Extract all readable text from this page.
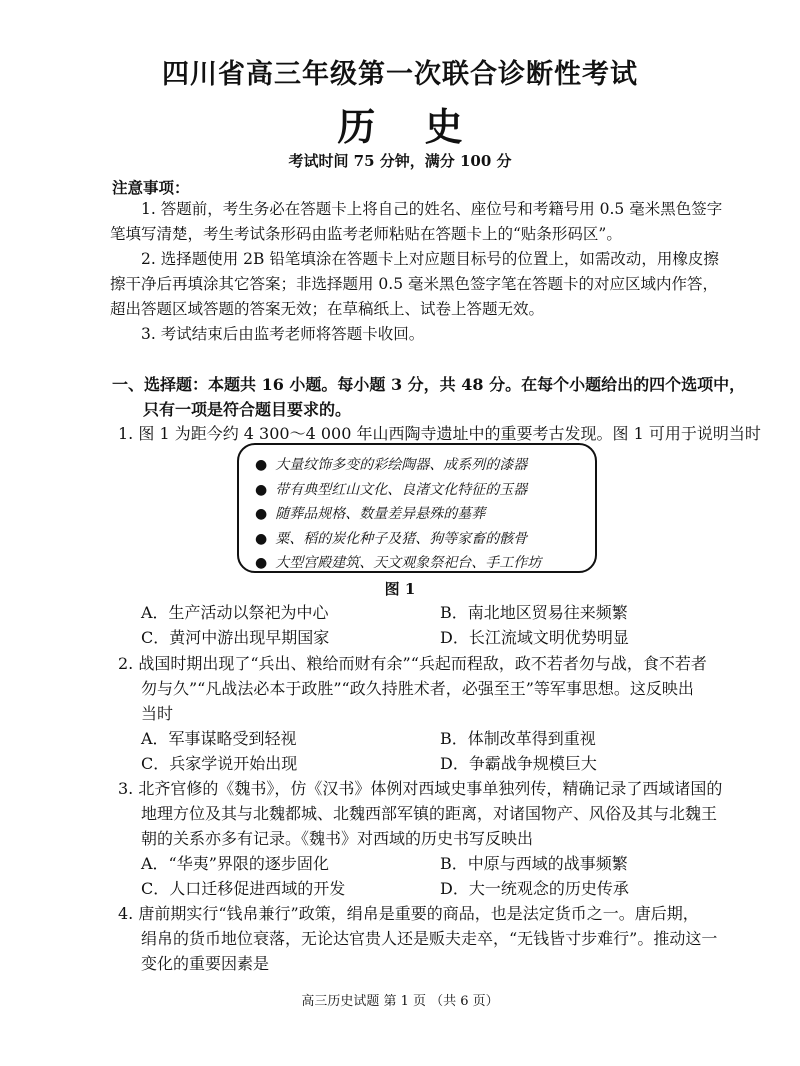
四川省高三年级第一次联合诊断性考试
历 史
考试时间 75 分钟，满分 100 分
注意事项：
1. 答题前，考生务必在答题卡上将自己的姓名、座位号和考籍号用 0.5 毫米黑色签字
笔填写清楚，考生考试条形码由监考老师粘贴在答题卡上的“贴条形码区”。
2. 选择题使用 2B 铅笔填涂在答题卡上对应题目标号的位置上，如需改动，用橡皮擦
擦干净后再填涂其它答案；非选择题用 0.5 毫米黑色签字笔在答题卡的对应区域内作答，
超出答题区域答题的答案无效；在草稿纸上、试卷上答题无效。
3. 考试结束后由监考老师将答题卡收回。
一、选择题：本题共 16 小题。每小题 3 分，共 48 分。在每个小题给出的四个选项中，
只有一项是符合题目要求的。
1. 图 1 为距今约 4 300～4 000 年山西陶寺遗址中的重要考古发现。图 1 可用于说明当时
● 大量纹饰多变的彩绘陶器、成系列的漆器
● 带有典型红山文化、良渚文化特征的玉器
● 随葬品规格、数量差异悬殊的墓葬
● 粟、稻的炭化种子及猪、狗等家畜的骸骨
● 大型宫殿建筑、天文观象祭祀台、手工作坊
图 1
A．生产活动以祭祀为中心	B．南北地区贸易往来频繁
C．黄河中游出现早期国家	D．长江流域文明优势明显
2. 战国时期出现了“兵出、粮给而财有余”“兵起而程敌，政不若者勿与战，食不若者
勿与久”“凡战法必本于政胜”“政久持胜术者，必强至王”等军事思想。这反映出
当时
A．军事谋略受到轻视	B．体制改革得到重视
C．兵家学说开始出现	D．争霸战争规模巨大
3. 北齐官修的《魏书》，仿《汉书》体例对西域史事单独列传，精确记录了西域诸国的
地理方位及其与北魏都城、北魏西部军镇的距离，对诸国物产、风俗及其与北魏王
朝的关系亦多有记录。《魏书》对西域的历史书写反映出
A．“华夷”界限的逐步固化	B．中原与西域的战事频繁
C．人口迁移促进西域的开发	D．大一统观念的历史传承
4. 唐前期实行“钱帛兼行”政策，绢帛是重要的商品，也是法定货币之一。唐后期，
绢帛的货币地位衰落，无论达官贵人还是贩夫走卒，“无钱皆寸步难行”。推动这一
变化的重要因素是
高三历史试题 第 1 页 （共 6 页）
